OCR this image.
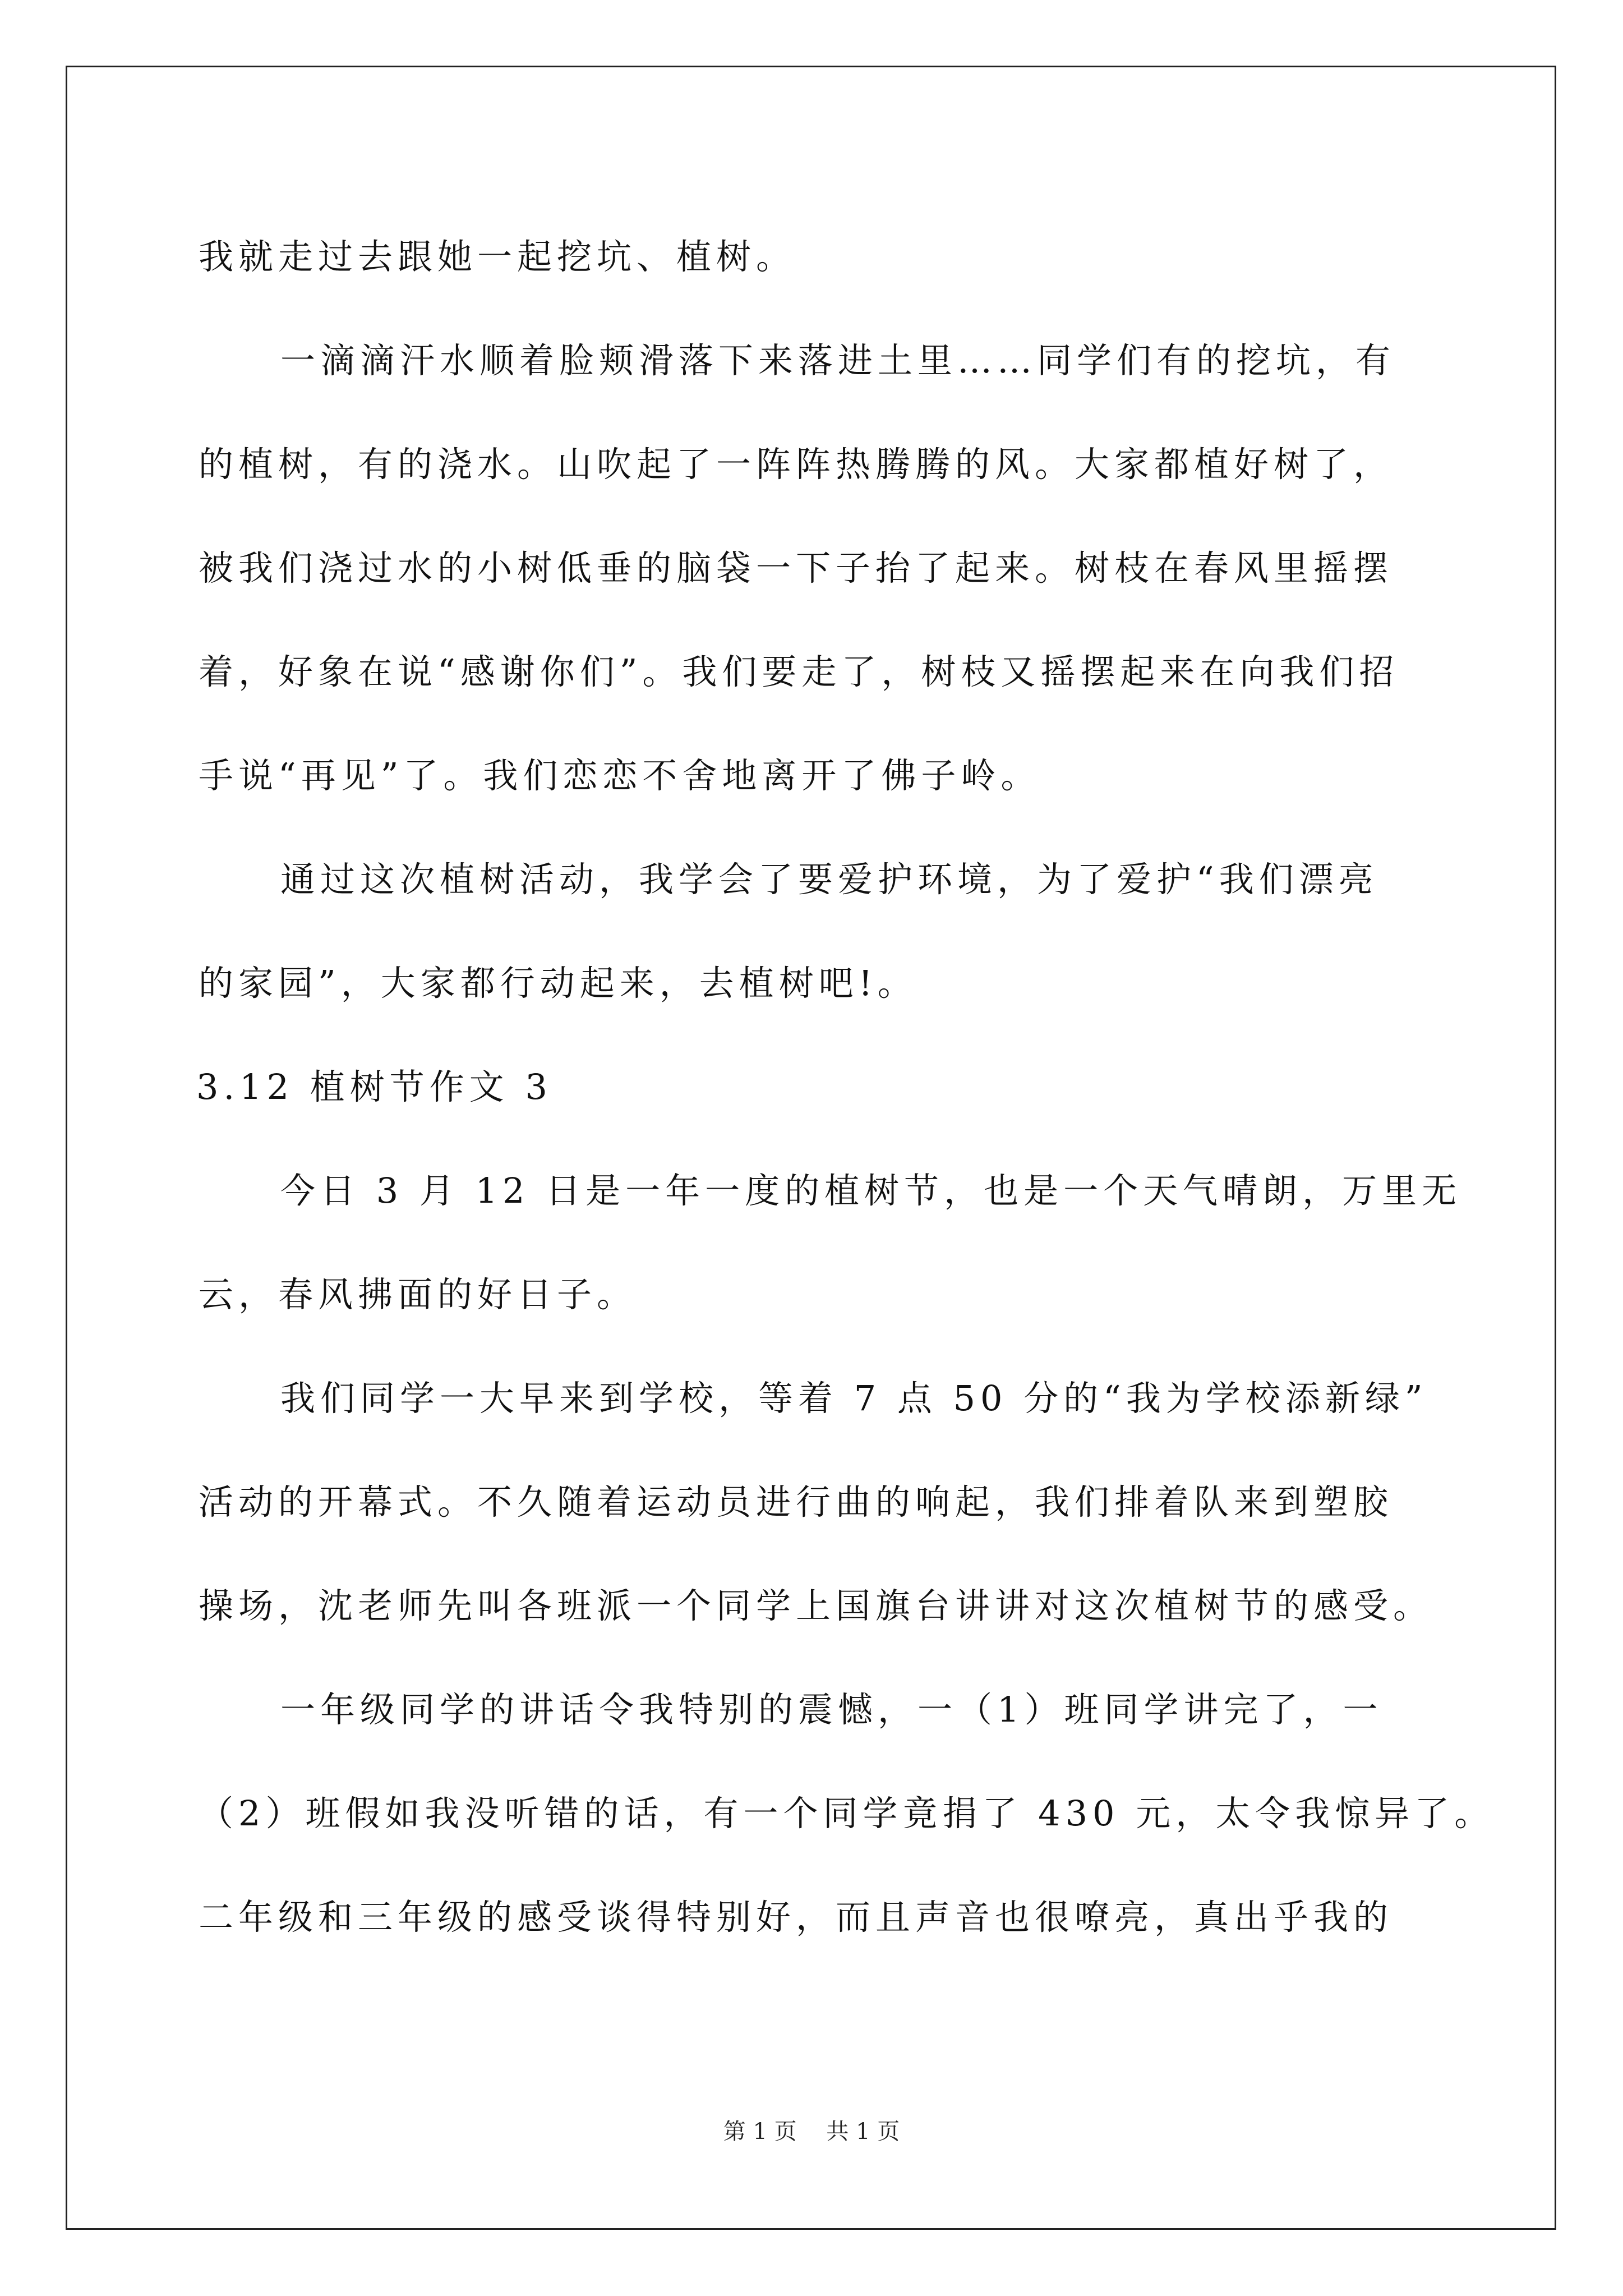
我就走过去跟她一起挖坑、植树。
一滴滴汗水顺着脸颊滑落下来落进土里……同学们有的挖坑，有
的植树，有的浇水。山吹起了一阵阵热腾腾的风。大家都植好树了，
被我们浇过水的小树低垂的脑袋一下子抬了起来。树枝在春风里摇摆
着，好象在说“感谢你们”。我们要走了，树枝又摇摆起来在向我们招
手说“再见”了。我们恋恋不舍地离开了佛子岭。
通过这次植树活动，我学会了要爱护环境，为了爱护“我们漂亮
的家园”，大家都行动起来，去植树吧!。
3.12 植树节作文 3
今日 3 月 12 日是一年一度的植树节，也是一个天气晴朗，万里无
云，春风拂面的好日子。
我们同学一大早来到学校，等着 7 点 50 分的“我为学校添新绿”
活动的开幕式。不久随着运动员进行曲的响起，我们排着队来到塑胶
操场，沈老师先叫各班派一个同学上国旗台讲讲对这次植树节的感受。
一年级同学的讲话令我特别的震憾，一（1）班同学讲完了，一
（2）班假如我没听错的话，有一个同学竟捐了 430 元，太令我惊异了。
二年级和三年级的感受谈得特别好，而且声音也很嘹亮，真出乎我的
第 1 页 共 1 页
